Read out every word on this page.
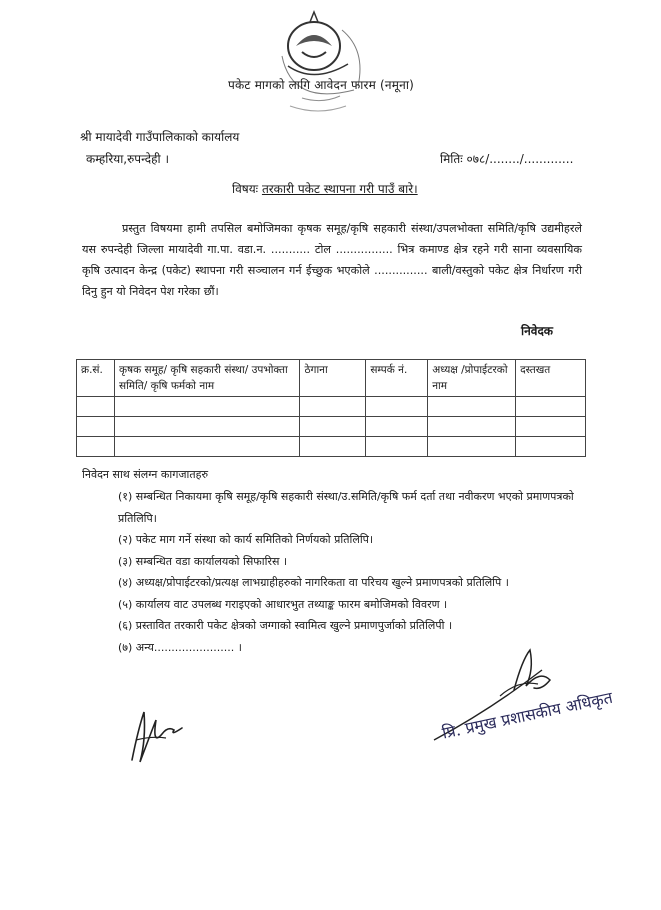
पकेट मागको लागि आवेदन फारम (नमूना)
श्री मायादेवी गाउँपालिकाको कार्यालय
कम्हरिया,रुपन्देही ।	मितिः ०७८/......../.............
विषयः तरकारी पकेट स्थापना गरी पाउँ बारे।

प्रस्तुत विषयमा हामी तपसिल बमोजिमका कृषक समूह/कृषि सहकारी संस्था/उपलभोक्ता समिति/कृषि उद्यमीहरले यस रुपन्देही जिल्ला मायादेवी गा.पा. वडा.न. ........... टोल ................ भित्र कमाण्ड क्षेत्र रहने गरी साना व्यवसायिक कृषि उत्पादन केन्द्र (पकेट) स्थापना गरी सञ्चालन गर्न ईच्छुक भएकोले ............... बाली/वस्तुको पकेट क्षेत्र निर्धारण गरी दिनु हुन यो निवेदन पेश गरेका छौं।

निवेदक
क्र.सं.	कृषक समूह/ कृषि सहकारी संस्था/ उपभोक्ता समिति/ कृषि फर्मको नाम	ठेगाना	सम्पर्क नं.	अध्यक्ष /प्रोपाईटरको नाम	दस्तखत

निवेदन साथ संलग्न कागजातहरु
(१) सम्बन्धित निकायमा कृषि समूह/कृषि सहकारी संस्था/उ.समिति/कृषि फर्म दर्ता तथा नवीकरण भएको प्रमाणपत्रको प्रतिलिपि।
(२) पकेट माग गर्ने संस्था को कार्य समितिको निर्णयको प्रतिलिपि।
(३) सम्बन्धित वडा कार्यालयको सिफारिस ।
(४) अध्यक्ष/प्रोपाईटरको/प्रत्यक्ष लाभग्राहीहरुको नागरिकता वा परिचय खुल्ने प्रमाणपत्रको प्रतिलिपि ।
(५) कार्यालय वाट उपलब्ध गराइएको आधारभुत तथ्याङ्क फारम बमोजिमको विवरण ।
(६) प्रस्तावित तरकारी पकेट क्षेत्रको जग्गाको स्वामित्व खुल्ने प्रमाणपुर्जाको प्रतिलिपी ।
(७) अन्य....................... ।
प्रि. प्रमुख प्रशासकीय अधिकृत
